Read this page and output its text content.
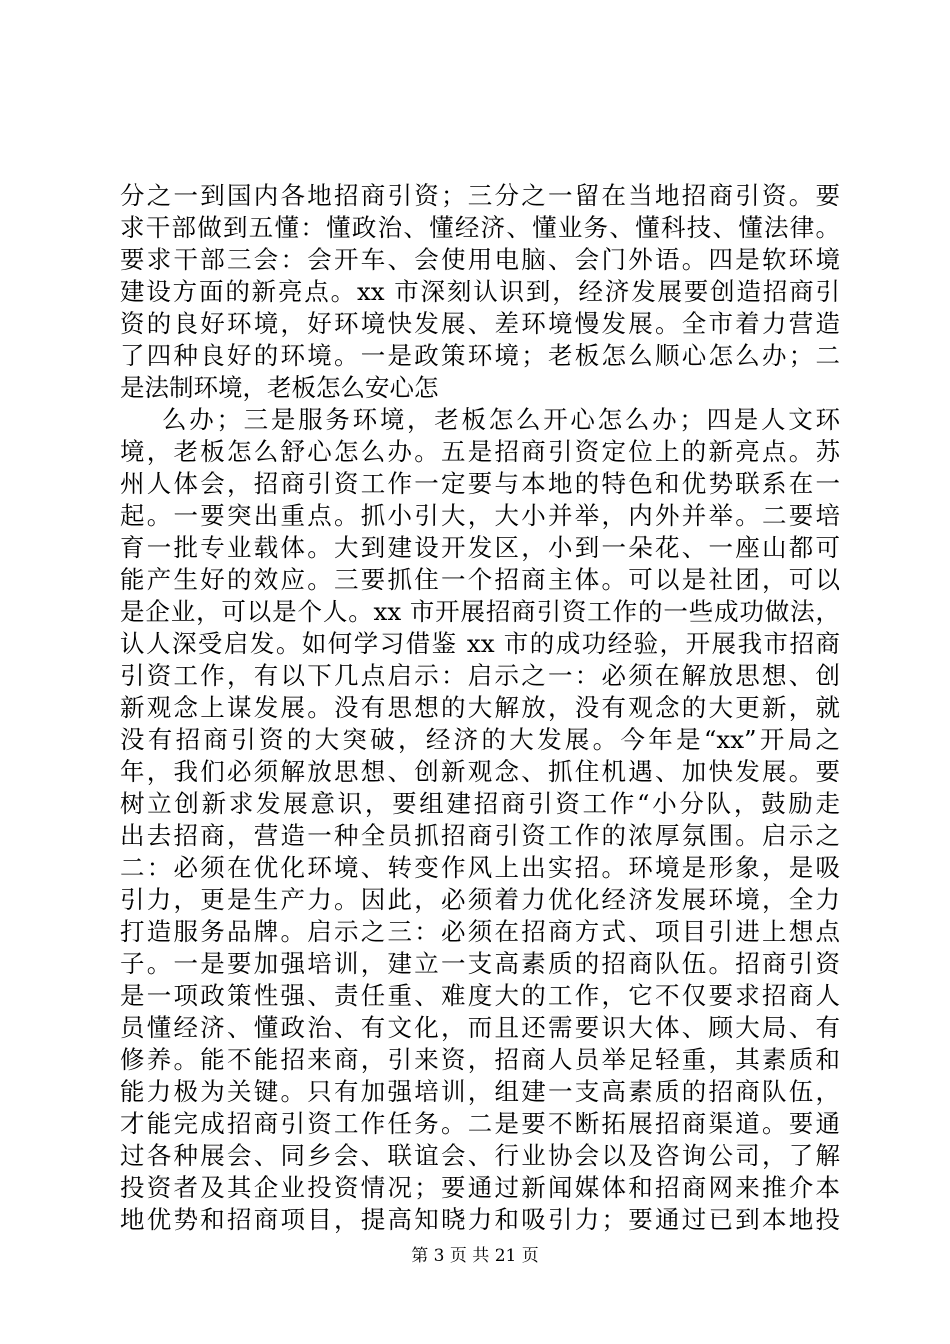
分之一到国内各地招商引资；三分之一留在当地招商引资。要
求干部做到五懂：懂政治、懂经济、懂业务、懂科技、懂法律。
要求干部三会：会开车、会使用电脑、会门外语。四是软环境
建设方面的新亮点。xx 市深刻认识到，经济发展要创造招商引
资的良好环境，好环境快发展、差环境慢发展。全市着力营造
了四种良好的环境。一是政策环境；老板怎么顺心怎么办；二
是法制环境，老板怎么安心怎
么办；三是服务环境，老板怎么开心怎么办；四是人文环
境，老板怎么舒心怎么办。五是招商引资定位上的新亮点。苏
州人体会，招商引资工作一定要与本地的特色和优势联系在一
起。一要突出重点。抓小引大，大小并举，内外并举。二要培
育一批专业载体。大到建设开发区，小到一朵花、一座山都可
能产生好的效应。三要抓住一个招商主体。可以是社团，可以
是企业，可以是个人。xx 市开展招商引资工作的一些成功做法，
认人深受启发。如何学习借鉴 xx 市的成功经验，开展我市招商
引资工作，有以下几点启示：启示之一：必须在解放思想、创
新观念上谋发展。没有思想的大解放，没有观念的大更新，就
没有招商引资的大突破，经济的大发展。今年是“xx”开局之
年，我们必须解放思想、创新观念、抓住机遇、加快发展。要
树立创新求发展意识，要组建招商引资工作“小分队，鼓励走
出去招商，营造一种全员抓招商引资工作的浓厚氛围。启示之
二：必须在优化环境、转变作风上出实招。环境是形象，是吸
引力，更是生产力。因此，必须着力优化经济发展环境，全力
打造服务品牌。启示之三：必须在招商方式、项目引进上想点
子。一是要加强培训，建立一支高素质的招商队伍。招商引资
是一项政策性强、责任重、难度大的工作，它不仅要求招商人
员懂经济、懂政治、有文化，而且还需要识大体、顾大局、有
修养。能不能招来商，引来资，招商人员举足轻重，其素质和
能力极为关键。只有加强培训，组建一支高素质的招商队伍，
才能完成招商引资工作任务。二是要不断拓展招商渠道。要通
过各种展会、同乡会、联谊会、行业协会以及咨询公司，了解
投资者及其企业投资情况；要通过新闻媒体和招商网来推介本
地优势和招商项目，提高知晓力和吸引力；要通过已到本地投
第 3 页 共 21 页
